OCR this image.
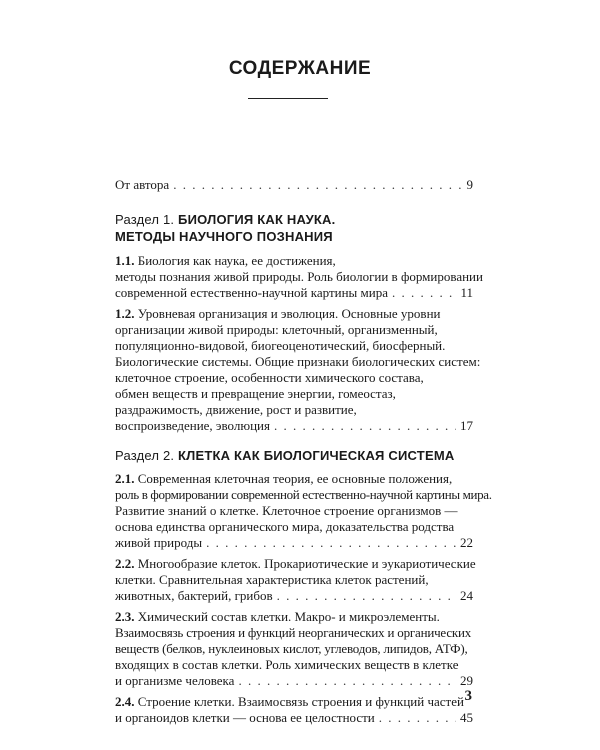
СОДЕРЖАНИЕ
От автора . . .	9
Раздел 1. БИОЛОГИЯ КАК НАУКА.
МЕТОДЫ НАУЧНОГО ПОЗНАНИЯ
1.1. Биология как наука, ее достижения,
методы познания живой природы. Роль биологии в формировании
современной естественно-научной картины мира . . .	11
1.2. Уровневая организация и эволюция. Основные уровни
организации живой природы: клеточный, организменный,
популяционно-видовой, биогеоценотический, биосферный.
Биологические системы. Общие признаки биологических систем:
клеточное строение, особенности химического состава,
обмен веществ и превращение энергии, гомеостаз,
раздражимость, движение, рост и развитие,
воспроизведение, эволюция . . .	17
Раздел 2. КЛЕТКА КАК БИОЛОГИЧЕСКАЯ СИСТЕМА
2.1. Современная клеточная теория, ее основные положения,
роль в формировании современной естественно-научной картины мира.
Развитие знаний о клетке. Клеточное строение организмов —
основа единства органического мира, доказательства родства
живой природы . . .	22
2.2. Многообразие клеток. Прокариотические и эукариотические
клетки. Сравнительная характеристика клеток растений,
животных, бактерий, грибов . . .	24
2.3. Химический состав клетки. Макро- и микроэлементы.
Взаимосвязь строения и функций неорганических и органических
веществ (белков, нуклеиновых кислот, углеводов, липидов, АТФ),
входящих в состав клетки. Роль химических веществ в клетке
и организме человека . . .	29
2.4. Строение клетки. Взаимосвязь строения и функций частей
и органоидов клетки — основа ее целостности . . .	45
3
